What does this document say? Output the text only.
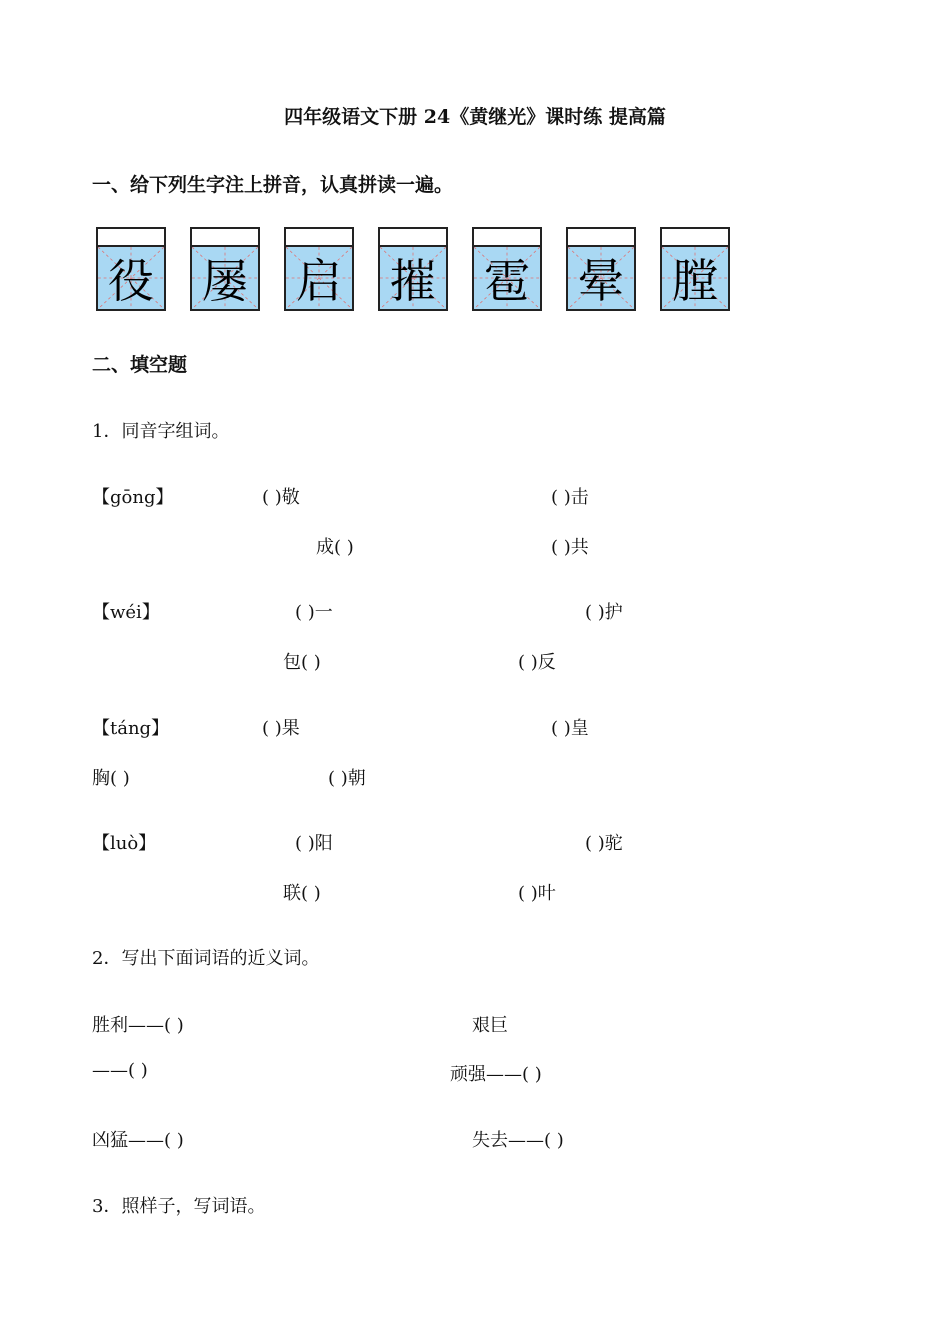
四年级语文下册 24《黄继光》课时练 提高篇
一、给下列生字注上拼音，认真拼读一遍。
役 屡 启 摧 雹 晕 膛
二、填空题
1．同音字组词。
【gōng】	( )敬	( )击
成( )	( )共
【wéi】	( )一	( )护
包( )	( )反
【táng】	( )果	( )皇
胸( )	( )朝
【luò】	( )阳	( )驼
联( )	( )叶
2．写出下面词语的近义词。
胜利——( )	艰巨
——( )	顽强——( )
凶猛——( )	失去——( )
3．照样子，写词语。
